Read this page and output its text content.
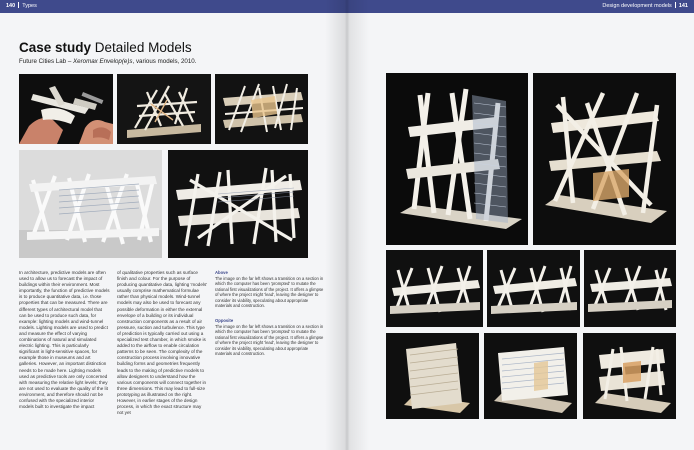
140 Types	Design development models 141
Case study Detailed Models
Future Cities Lab – Xeromax Envelop(e)s, various models, 2010.

In architecture, predictive models are often used to allow us to forecast the impact of buildings within their environment. Most importantly, the function of predictive models is to produce quantitative data, i.e. those properties that can be measured. There are different types of architectural model that can be used to produce such data, for example: lighting models and wind-tunnel models. Lighting models are used to predict and measure the effect of varying combinations of natural and simulated electric lighting. This is particularly significant in light-sensitive spaces, for example those in museums and art galleries. However, an important distinction needs to be made here. Lighting models used as predictive tools are only concerned with measuring the relative light levels; they are not used to evaluate the quality of the lit environment, and therefore should not be confused with the specialized interior models built to investigate the impact

of qualitative properties such as surface finish and colour. For the purpose of producing quantitative data, lighting 'models' usually comprise mathematical formulae rather than physical models. Wind-tunnel models may also be used to forecast any possible deformation in either the external envelope of a building or its individual construction components as a result of air pressure, suction and turbulence. This type of prediction is typically carried out using a specialized test chamber, in which smoke is added to the airflow to enable circulation patterns to be seen. The complexity of the construction process involving innovative building forms and geometries frequently leads to the making of predictive models to allow designers to understand how the various components will connect together in three dimensions. This may lead to full-size prototyping as illustrated on the right. However, in earlier stages of the design process, in which the exact structure may not yet

Above
The image on the far left shows a transition on a section in which the computer has been 'prompted' to mutate the rational first visualizations of the project. It offers a glimpse of where the project might 'lead', leaving the designer to consider its viability, speculating about appropriate materials and construction.
Opposite
The image on the far left shows a transition on a section in which the computer has been 'prompted' to mutate the rational first visualizations of the project. It offers a glimpse of where the project might 'lead', leaving the designer to consider its viability, speculating about appropriate materials and construction.
